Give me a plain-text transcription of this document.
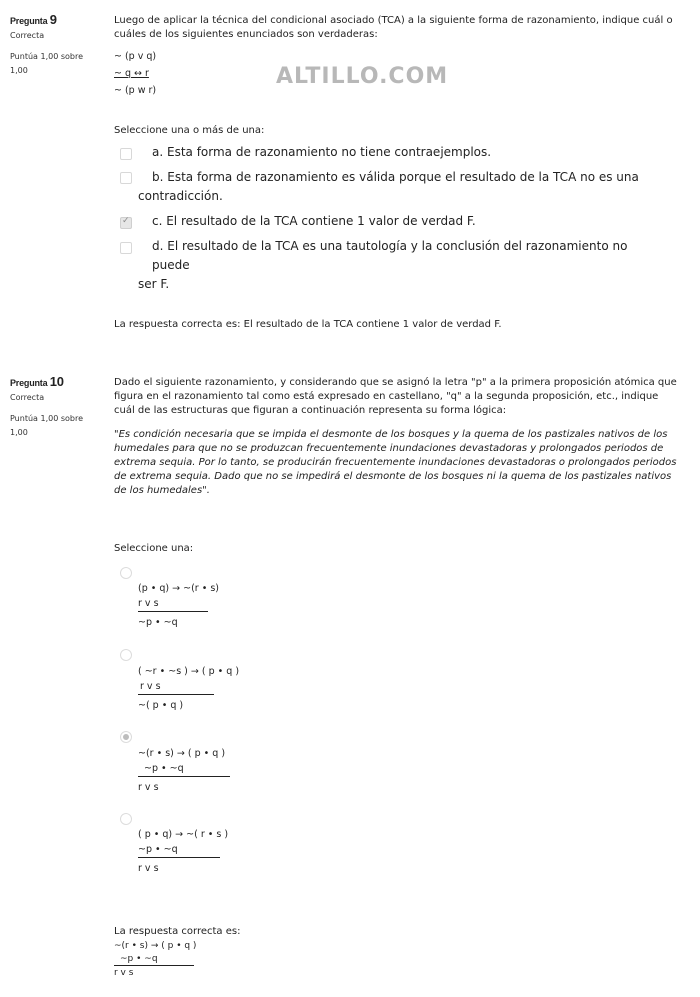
Pregunta 9
Correcta
Puntúa 1,00 sobre
1,00
Luego de aplicar la técnica del condicional asociado (TCA) a la siguiente forma de razonamiento, indique cuál o
cuáles de los siguientes enunciados son verdaderas:
~ (p v q)
~ q ↔ r
~ (p w r)
ALTILLO.COM
Seleccione una o más de una:
a. Esta forma de razonamiento no tiene contraejemplos.
b. Esta forma de razonamiento es válida porque el resultado de la TCA no es una
contradicción.
✓
c. El resultado de la TCA contiene 1 valor de verdad F.
d. El resultado de la TCA es una tautología y la conclusión del razonamiento no puede
ser F.
La respuesta correcta es: El resultado de la TCA contiene 1 valor de verdad F.
Pregunta 10
Correcta
Puntúa 1,00 sobre
1,00
Dado el siguiente razonamiento, y considerando que se asignó la letra "p" a la primera proposición atómica que
figura en el razonamiento tal como está expresado en castellano, "q" a la segunda proposición, etc., indique
cuál de las estructuras que figuran a continuación representa su forma lógica:
"Es condición necesaria que se impida el desmonte de los bosques y la quema de los pastizales nativos de los
humedales para que no se produzcan frecuentemente inundaciones devastadoras y prolongados periodos de
extrema sequia. Por lo tanto, se producirán frecuentemente inundaciones devastadoras o prolongados periodos
de extrema sequia. Dado que no se impedirá el desmonte de los bosques ni la quema de los pastizales nativos
de los humedales".
Seleccione una:
(p • q) → ~(r • s)
r v s
~p • ~q
( ~r • ~s ) → ( p • q )
r v s
~( p • q )
~(r • s) → ( p • q )
~p • ~q
r v s
( p • q) → ~( r • s )
~p • ~q
r v s
La respuesta correcta es:
~(r • s) → ( p • q )
~p • ~q
r v s
